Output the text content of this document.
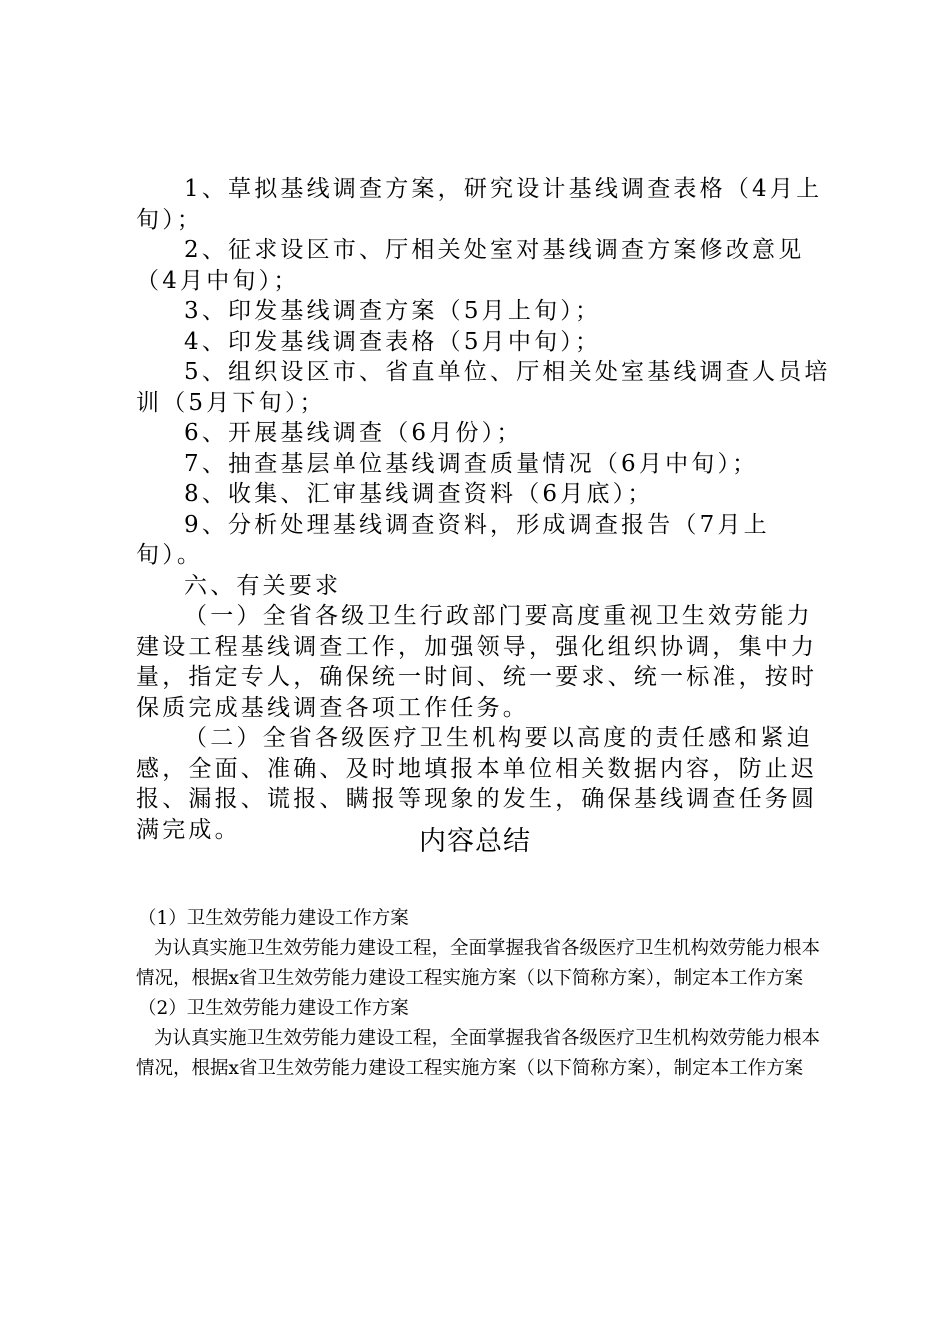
1、草拟基线调查方案，研究设计基线调查表格（4月上旬）；

2、征求设区市、厅相关处室对基线调查方案修改意见（4月中旬）；

3、印发基线调查方案（5月上旬）；

4、印发基线调查表格（5月中旬）；

5、组织设区市、省直单位、厅相关处室基线调查人员培训（5月下旬）；

6、开展基线调查（6月份）；

7、抽查基层单位基线调查质量情况（6月中旬）；

8、收集、汇审基线调查资料（6月底）；

9、分析处理基线调查资料，形成调查报告（7月上旬）。

六、有关要求

（一）全省各级卫生行政部门要高度重视卫生效劳能力建设工程基线调查工作，加强领导，强化组织协调，集中力量，指定专人，确保统一时间、统一要求、统一标准，按时保质完成基线调查各项工作任务。

（二）全省各级医疗卫生机构要以高度的责任感和紧迫感，全面、准确、及时地填报本单位相关数据内容，防止迟报、漏报、谎报、瞒报等现象的发生，确保基线调查任务圆满完成。	内容总结

（1）卫生效劳能力建设工作方案

为认真实施卫生效劳能力建设工程，全面掌握我省各级医疗卫生机构效劳能力根本情况，根据x省卫生效劳能力建设工程实施方案（以下简称方案），制定本工作方案

（2）卫生效劳能力建设工作方案

为认真实施卫生效劳能力建设工程，全面掌握我省各级医疗卫生机构效劳能力根本情况，根据x省卫生效劳能力建设工程实施方案（以下简称方案），制定本工作方案
